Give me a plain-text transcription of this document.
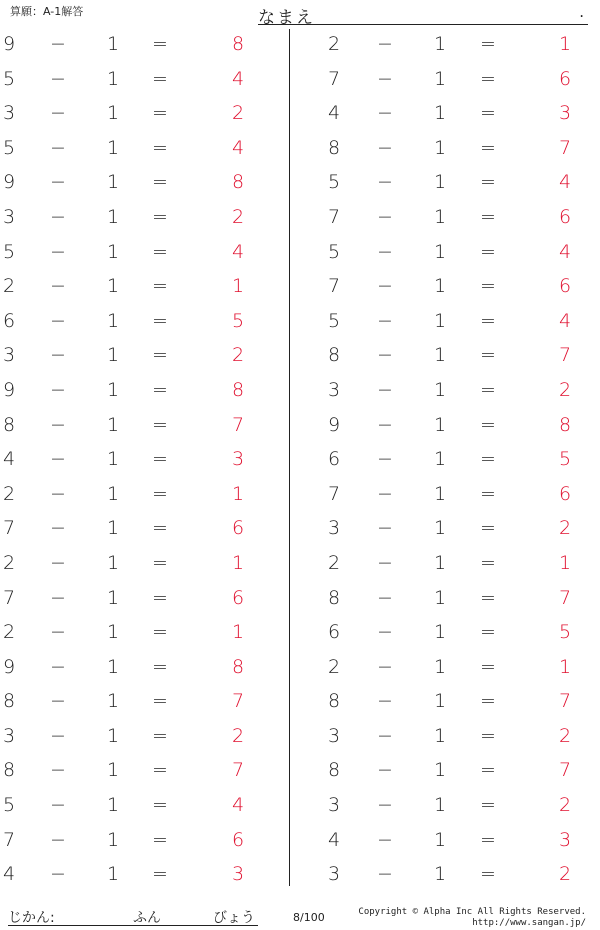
算願：A-1解答	なまえ	.
9 − 1 =	8
5 − 1 =	4
3 − 1 =	2
5 − 1 =	4
9 − 1 =	8
3 − 1 =	2
5 − 1 =	4
2 − 1 =	1
6 − 1 =	5
3 − 1 =	2
9 − 1 =	8
8 − 1 =	7
4 − 1 =	3
2 − 1 =	1
7 − 1 =	6
2 − 1 =	1
7 − 1 =	6
2 − 1 =	1
9 − 1 =	8
8 − 1 =	7
3 − 1 =	2
8 − 1 =	7
5 − 1 =	4
7 − 1 =	6
4 − 1 =	3
2 − 1 =	1
7 − 1 =	6
4 − 1 =	3
8 − 1 =	7
5 − 1 =	4
7 − 1 =	6
5 − 1 =	4
7 − 1 =	6
5 − 1 =	4
8 − 1 =	7
3 − 1 =	2
9 − 1 =	8
6 − 1 =	5
7 − 1 =	6
3 − 1 =	2
2 − 1 =	1
8 − 1 =	7
6 − 1 =	5
2 − 1 =	1
8 − 1 =	7
3 − 1 =	2
8 − 1 =	7
3 − 1 =	2
4 − 1 =	3
3 − 1 =	2
じかん:	ふん	びょう	8/100	Copyright © Alpha Inc All Rights Reserved.
http://www.sangan.jp/
